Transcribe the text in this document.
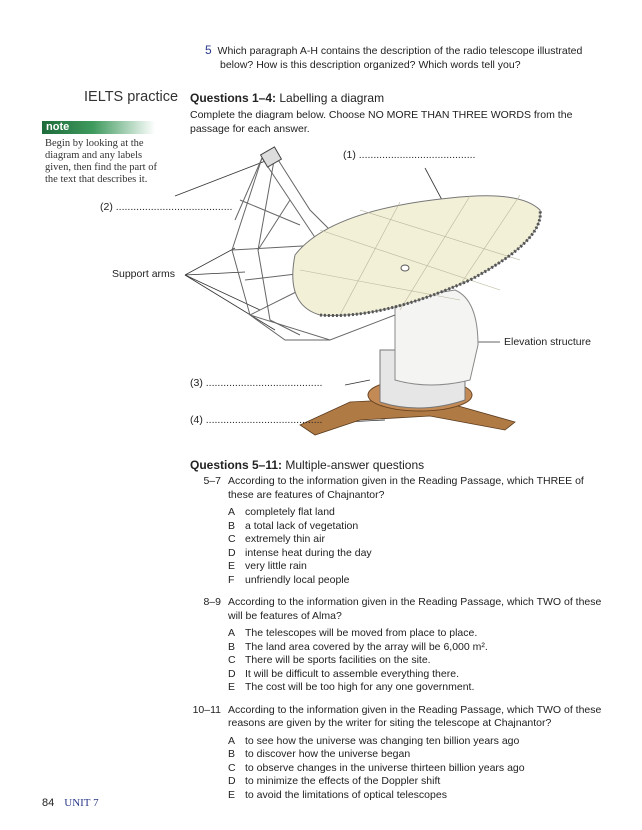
5 Which paragraph A-H contains the description of the radio telescope illustrated
below? How is this description organized? Which words tell you?
IELTS practice
note
Begin by looking at the
diagram and any labels
given, then find the part of
the text that describes it.
Questions 1–4: Labelling a diagram
Complete the diagram below. Choose NO MORE THAN THREE WORDS from the
passage for each answer.
(1) ........................................
(2) ........................................
Support arms
Elevation structure
(3) ........................................
(4) ........................................
Questions 5–11: Multiple-answer questions
5–7 According to the information given in the Reading Passage, which THREE of
these are features of Chajnantor?
A completely flat land
B a total lack of vegetation
C extremely thin air
D intense heat during the day
E very little rain
F	unfriendly local people
8–9 According to the information given in the Reading Passage, which TWO of these
will be features of Alma?
A The telescopes will be moved from place to place.
B The land area covered by the array will be 6,000 m².
C There will be sports facilities on the site.
D It will be difficult to assemble everything there.
E The cost will be too high for any one government.
10–11 According to the information given in the Reading Passage, which TWO of these
reasons are given by the writer for siting the telescope at Chajnantor?
A to see how the universe was changing ten billion years ago
B to discover how the universe began
C to observe changes in the universe thirteen billion years ago
D to minimize the effects of the Doppler shift
E to avoid the limitations of optical telescopes
84 UNIT 7
